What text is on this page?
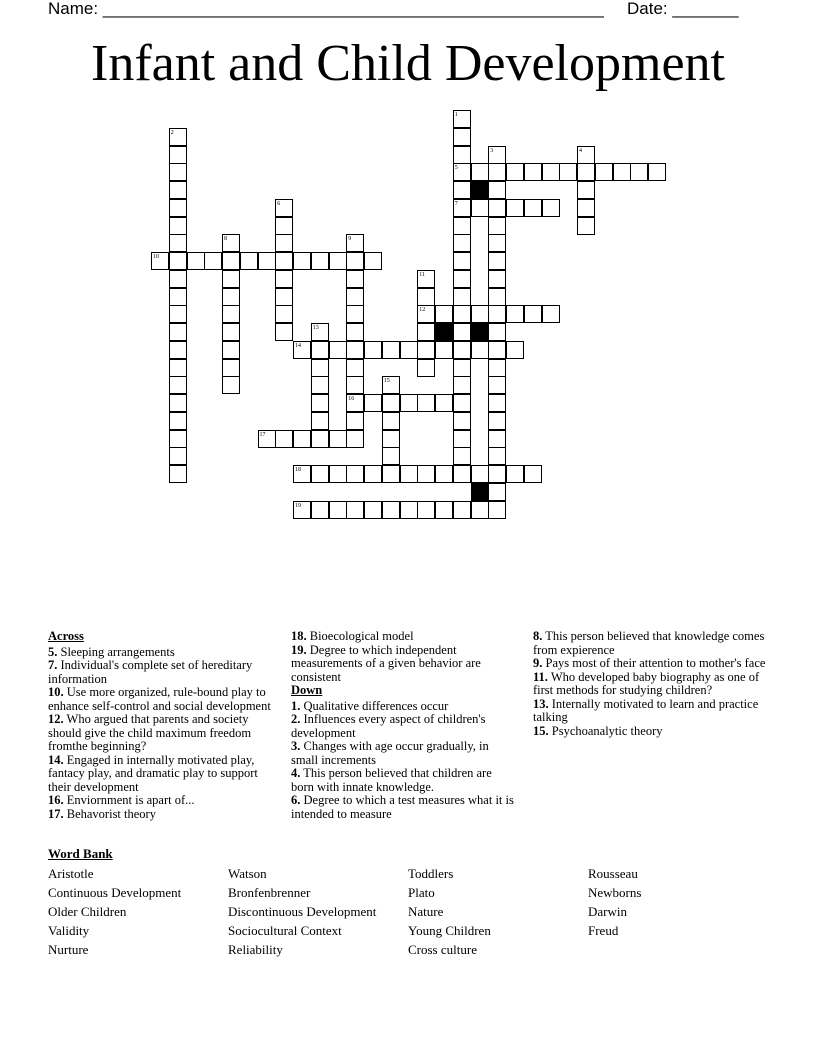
Name: _____________________________________________________ Date: _______
Infant and Child Development
1
2
3	4
5
6	7
8	9
10
11
12
13
14
15
16
17
18
19
Across

5. Sleeping arrangements

7. Individual's complete set of hereditary information

10. Use more organized, rule-bound play to enhance self-control and social development

12. Who argued that parents and society should give the child maximum freedom fromthe beginning?

14. Engaged in internally motivated play, fantacy play, and dramatic play to support their development

16. Enviornment is apart of...

17. Behavorist theory

18. Bioecological model

19. Degree to which independent measurements of a given behavior are consistent

Down

1. Qualitative differences occur

2. Influences every aspect of children's development

3. Changes with age occur gradually, in small increments

4. This person believed that children are born with innate knowledge.

6. Degree to which a test measures what it is intended to measure

8. This person believed that knowledge comes from expierence

9. Pays most of their attention to mother's face

11. Who developed baby biography as one of first methods for studying children?

13. Internally motivated to learn and practice talking

15. Psychoanalytic theory

Word Bank
Aristotle
Continuous Development
Older Children
Validity
Nurture
Watson
Bronfenbrenner
Discontinuous Development
Sociocultural Context
Reliability
Toddlers
Plato
Nature
Young Children
Cross culture
Rousseau
Newborns
Darwin
Freud
